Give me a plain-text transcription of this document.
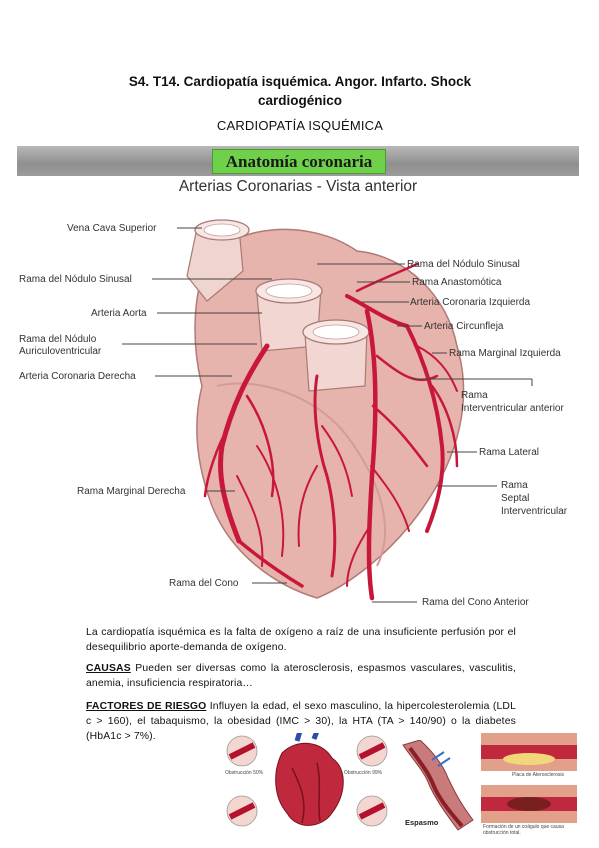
S4. T14. Cardiopatía isquémica. Angor. Infarto. Shock cardiogénico
CARDIOPATÍA ISQUÉMICA
Anatomía coronaria
Arterias Coronarias - Vista anterior
Vena Cava Superior
Rama del Nódulo Sinusal
Arteria Aorta
Rama del Nódulo
Auriculoventricular
Arteria Coronaria Derecha
Rama Marginal Derecha
Rama del Cono
Rama del Nódulo Sinusal
Rama Anastomótica
Arteria Coronaria Izquierda
Arteria Circunfleja
Rama Marginal Izquierda
Rama
Interventricular anterior
Rama Lateral
Rama
Septal
Interventricular
Rama del Cono Anterior
La cardiopatía isquémica es la falta de oxígeno a raíz de una insuficiente perfusión por el desequilibrio aporte-demanda de oxígeno.
CAUSAS Pueden ser diversas como la aterosclerosis, espasmos vasculares, vasculitis, anemia, insuficiencia respiratoria…
FACTORES DE RIESGO Influyen la edad, el sexo masculino, la hipercolesterolemia (LDL c > 160), el tabaquismo, la obesidad (IMC > 30), la HTA (TA > 140/90) o la diabetes (HbA1c > 7%).
Obstrucción 50%	Obstrucción 99%
Espasmo
Placa de Aterosclerosis
Formación de un coágulo que causa obstrucción total.
